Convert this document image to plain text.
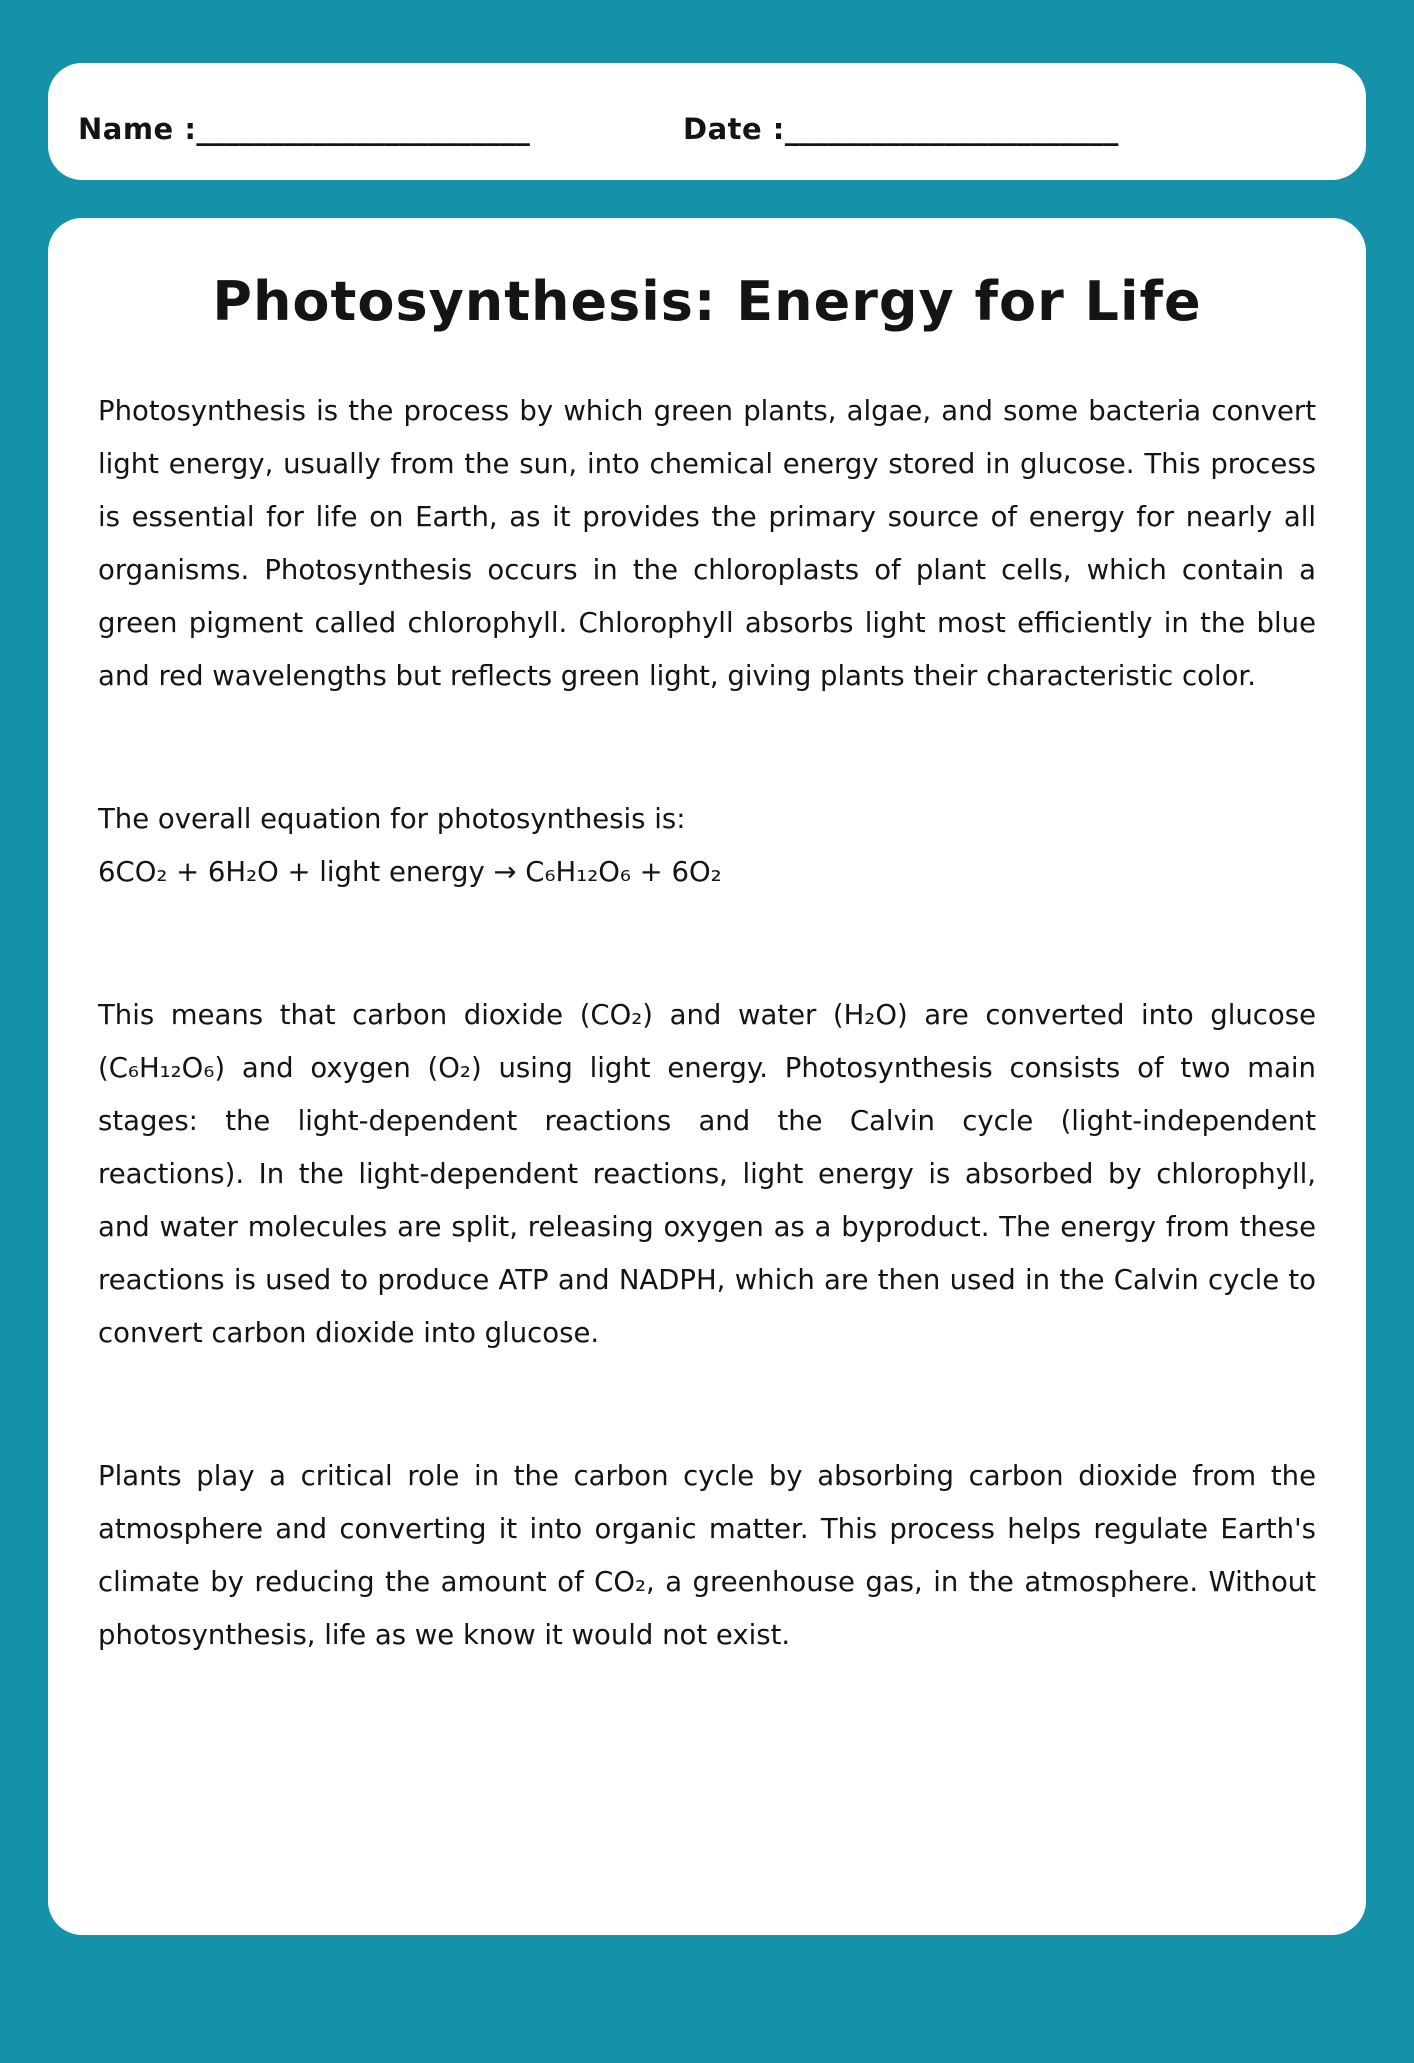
Name :_______________________	Date :_______________________
Photosynthesis: Energy for Life

Photosynthesis is the process by which green plants, algae, and some bacteria convert light energy, usually from the sun, into chemical energy stored in glucose. This process is essential for life on Earth, as it provides the primary source of energy for nearly all organisms. Photosynthesis occurs in the chloroplasts of plant cells, which contain a green pigment called chlorophyll. Chlorophyll absorbs light most efficiently in the blue and red wavelengths but reflects green light, giving plants their characteristic color.

The overall equation for photosynthesis is:
6CO₂ + 6H₂O + light energy → C₆H₁₂O₆ + 6O₂

This means that carbon dioxide (CO₂) and water (H₂O) are converted into glucose (C₆H₁₂O₆) and oxygen (O₂) using light energy. Photosynthesis consists of two main stages: the light-dependent reactions and the Calvin cycle (light-independent reactions). In the light-dependent reactions, light energy is absorbed by chlorophyll, and water molecules are split, releasing oxygen as a byproduct. The energy from these reactions is used to produce ATP and NADPH, which are then used in the Calvin cycle to convert carbon dioxide into glucose.

Plants play a critical role in the carbon cycle by absorbing carbon dioxide from the atmosphere and converting it into organic matter. This process helps regulate Earth's climate by reducing the amount of CO₂, a greenhouse gas, in the atmosphere. Without photosynthesis, life as we know it would not exist.
